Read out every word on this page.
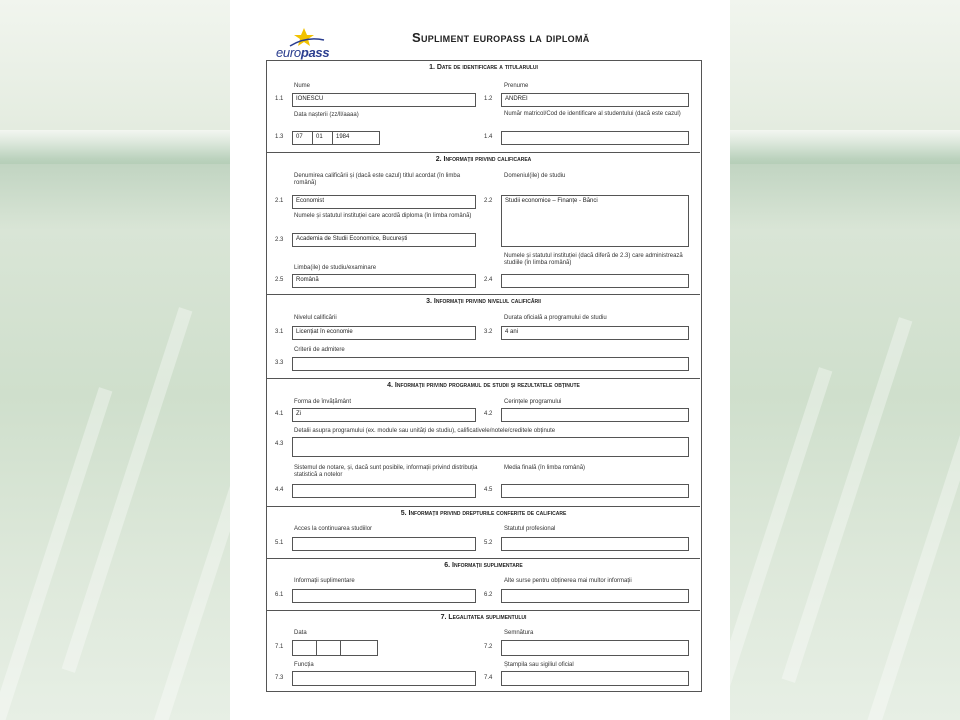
europass
Supliment europass la diplomă
1. Date de identificare a titularului
Nume
1.1	IONESCU
Prenume
1.2	ANDREI
Data nașterii (zz/ll/aaaa)
1.3	07	01	1984
Număr matricol/Cod de identificare al studentului (dacă este cazul)
1.4
2. Informații privind calificarea
Denumirea calificării și (dacă este cazul) titlul acordat (în limba română)
2.1	Economist
Domeniul(ile) de studiu
2.2	Studii economice – Finanțe - Bănci
Numele și statutul instituției care acordă diploma (în limba română)
2.3	Academia de Studii Economice, București
Limba(ile) de studiu/examinare
2.5	Română
Numele și statutul instituției (dacă diferă de 2.3) care administrează studiile (în limba română)
2.4
3. Informații privind nivelul calificării
Nivelul calificării
3.1	Licențiat în economie
Durata oficială a programului de studiu
3.2	4 ani
Criterii de admitere
3.3
4. Informații privind programul de studii și rezultatele obținute
Forma de învățământ
4.1	Zi
Cerințele programului
4.2
Detalii asupra programului (ex. module sau unități de studiu), calificativele/notele/creditele obținute
4.3
Sistemul de notare, și, dacă sunt posibile, informații privind distribuția statistică a notelor
4.4
Media finală (în limba română)
4.5
5. Informații privind drepturile conferite de calificare
Acces la continuarea studiilor
5.1
Statutul profesional
5.2
6. Informații suplimentare
Informații suplimentare
6.1
Alte surse pentru obținerea mai multor informații
6.2
7. Legalitatea suplimentului
Data
7.1
Semnătura
7.2
Funcția
7.3
Ștampila sau sigiliul oficial
7.4
